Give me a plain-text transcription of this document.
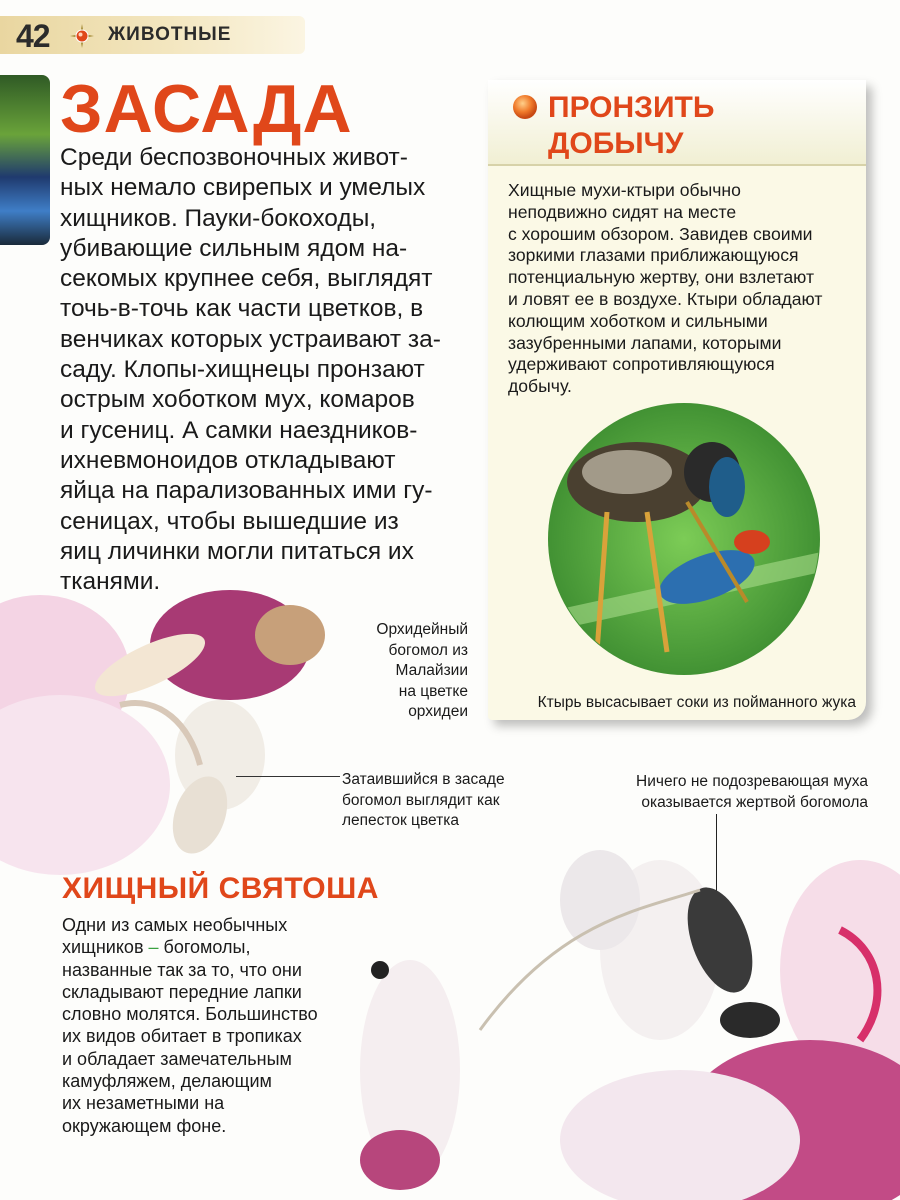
42	ЖИВОТНЫЕ
ЗАСАДА

Среди беспозвоночных живот-
ных немало свирепых и умелых
хищников. Пауки-бокоходы,
убивающие сильным ядом на-
секомых крупнее себя, выглядят
точь-в-точь как части цветков, в
венчиках которых устраивают за-
саду. Клопы-хищнецы пронзают
острым хоботком мух, комаров
и гусениц. А самки наездников-
ихневмоноидов откладывают
яйца на парализованных ими гу-
сеницах, чтобы вышедшие из
яиц личинки могли питаться их
тканями.

ПРОНЗИТЬ
ДОБЫЧУ

Хищные мухи-ктыри обычно
неподвижно сидят на месте
с хорошим обзором. Завидев своими
зоркими глазами приближающуюся
потенциальную жертву, они взлетают
и ловят ее в воздухе. Ктыри обладают
колющим хоботком и сильными
зазубренными лапами, которыми
удерживают сопротивляющуюся
добычу.

Ктырь высасывает соки из пойманного жука

Орхидейный
богомол из
Малайзии
на цветке
орхидеи

Затаившийся в засаде
богомол выглядит как
лепесток цветка

Ничего не подозревающая муха
оказывается жертвой богомола

ХИЩНЫЙ СВЯТОША

Одни из самых необычных
хищников – богомолы,
названные так за то, что они
складывают передние лапки
словно молятся. Большинство
их видов обитает в тропиках
и обладает замечательным
камуфляжем, делающим
их незаметными на
окружающем фоне.
